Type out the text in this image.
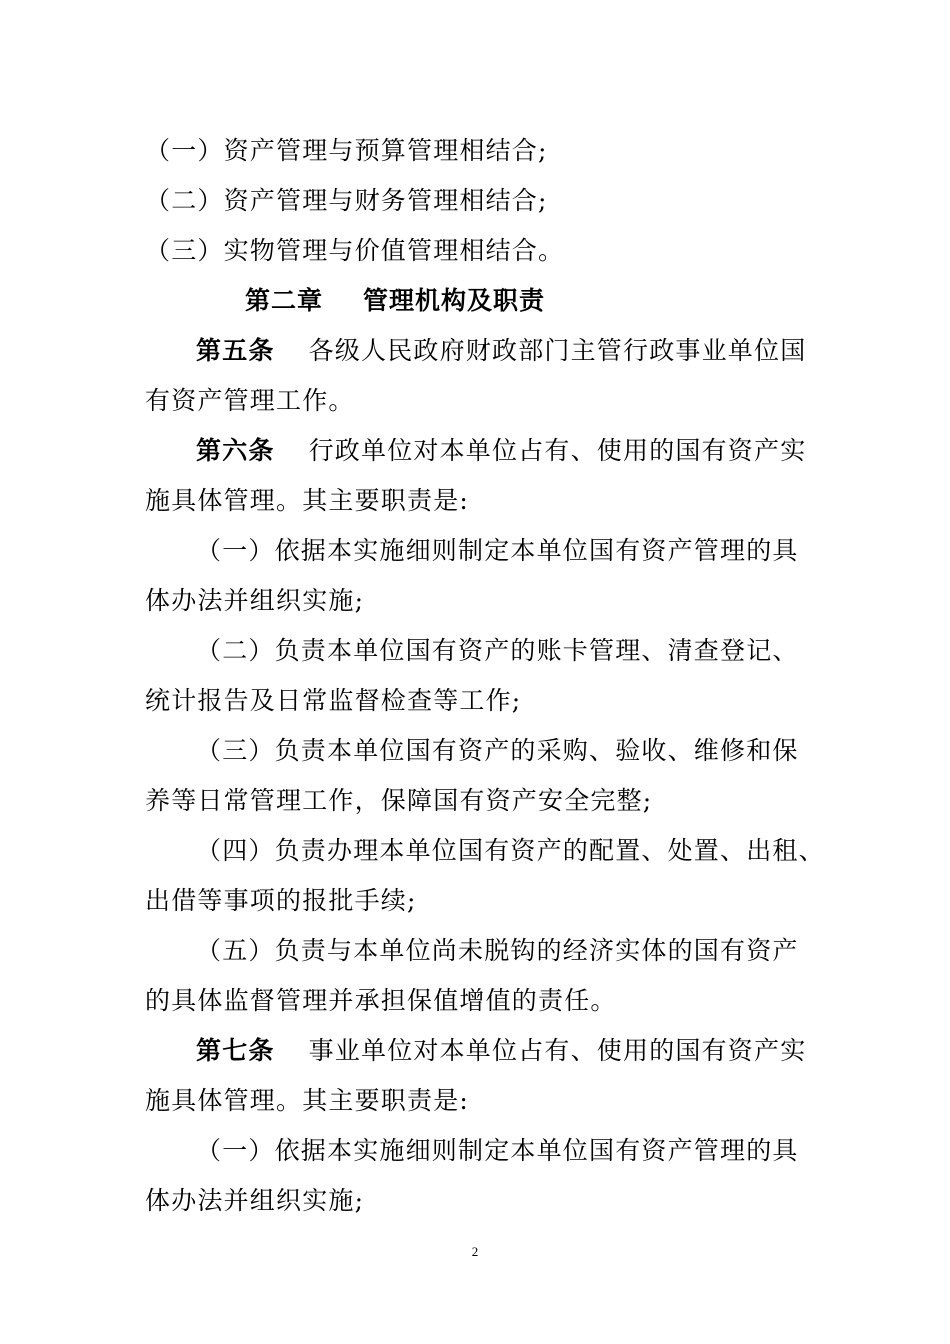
（一）资产管理与预算管理相结合;
（二）资产管理与财务管理相结合;
（三）实物管理与价值管理相结合。
第二章 管理机构及职责
第五条 各级人民政府财政部门主管行政事业单位国
有资产管理工作。
第六条 行政单位对本单位占有、使用的国有资产实
施具体管理。其主要职责是:
（一）依据本实施细则制定本单位国有资产管理的具
体办法并组织实施;
（二）负责本单位国有资产的账卡管理、清查登记、
统计报告及日常监督检查等工作;
（三）负责本单位国有资产的采购、验收、维修和保
养等日常管理工作，保障国有资产安全完整;
（四）负责办理本单位国有资产的配置、处置、出租、
出借等事项的报批手续;
（五）负责与本单位尚未脱钩的经济实体的国有资产
的具体监督管理并承担保值增值的责任。
第七条 事业单位对本单位占有、使用的国有资产实
施具体管理。其主要职责是:
（一）依据本实施细则制定本单位国有资产管理的具
体办法并组织实施;
2
